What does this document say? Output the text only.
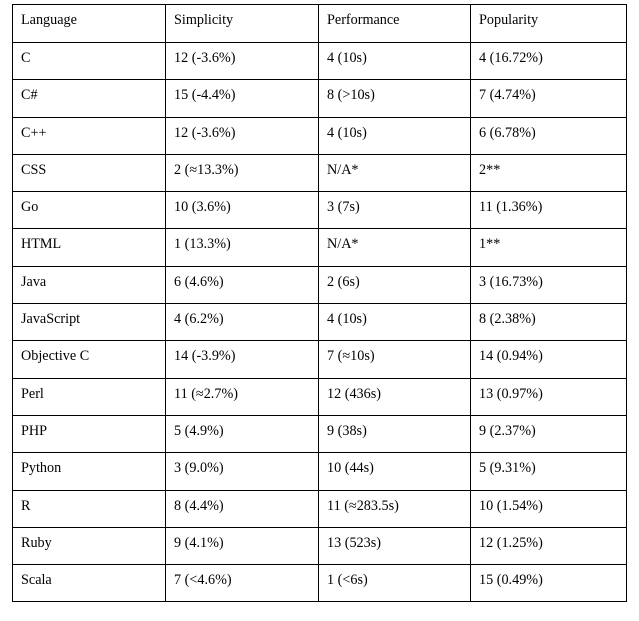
Language	Simplicity	Performance	Popularity

C	12 (-3.6%)	4 (10s)	4 (16.72%)

C#	15 (-4.4%)	8 (>10s)	7 (4.74%)

C++	12 (-3.6%)	4 (10s)	6 (6.78%)

CSS	2 (≈13.3%)	N/A*	2**

Go	10 (3.6%)	3 (7s)	11 (1.36%)

HTML	1 (13.3%)	N/A*	1**

Java	6 (4.6%)	2 (6s)	3 (16.73%)

JavaScript	4 (6.2%)	4 (10s)	8 (2.38%)

Objective C	14 (-3.9%)	7 (≈10s)	14 (0.94%)

Perl	11 (≈2.7%)	12 (436s)	13 (0.97%)

PHP	5 (4.9%)	9 (38s)	9 (2.37%)

Python	3 (9.0%)	10 (44s)	5 (9.31%)

R	8 (4.4%)	11 (≈283.5s)	10 (1.54%)

Ruby	9 (4.1%)	13 (523s)	12 (1.25%)

Scala	7 (<4.6%)	1 (<6s)	15 (0.49%)
